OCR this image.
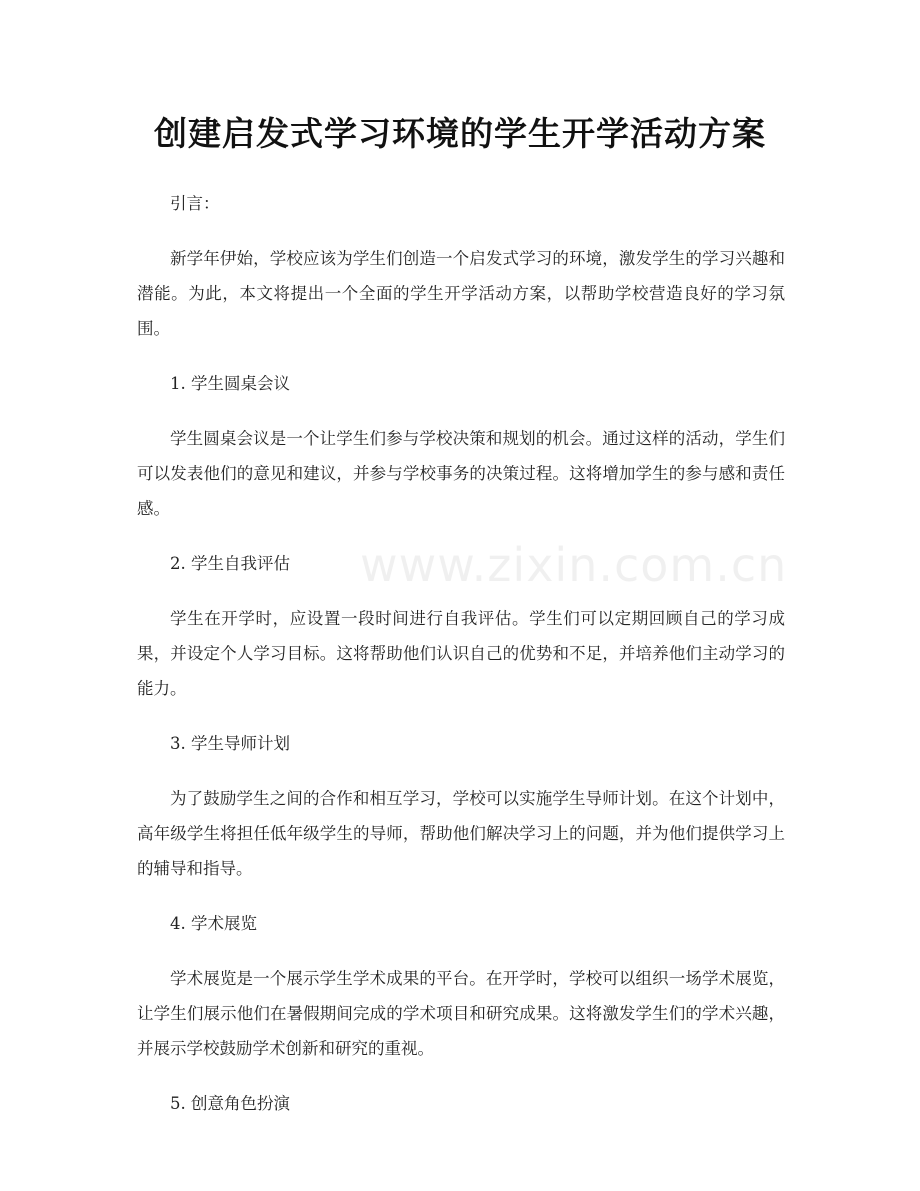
www.zixin.com.cn
创建启发式学习环境的学生开学活动方案

引言：

新学年伊始，学校应该为学生们创造一个启发式学习的环境，激发学生的学习兴趣和潜能。为此，本文将提出一个全面的学生开学活动方案，以帮助学校营造良好的学习氛围。

1. 学生圆桌会议

学生圆桌会议是一个让学生们参与学校决策和规划的机会。通过这样的活动，学生们可以发表他们的意见和建议，并参与学校事务的决策过程。这将增加学生的参与感和责任感。

2. 学生自我评估

学生在开学时，应设置一段时间进行自我评估。学生们可以定期回顾自己的学习成果，并设定个人学习目标。这将帮助他们认识自己的优势和不足，并培养他们主动学习的能力。

3. 学生导师计划

为了鼓励学生之间的合作和相互学习，学校可以实施学生导师计划。在这个计划中，高年级学生将担任低年级学生的导师，帮助他们解决学习上的问题，并为他们提供学习上的辅导和指导。

4. 学术展览

学术展览是一个展示学生学术成果的平台。在开学时，学校可以组织一场学术展览，让学生们展示他们在暑假期间完成的学术项目和研究成果。这将激发学生们的学术兴趣，并展示学校鼓励学术创新和研究的重视。

5. 创意角色扮演
